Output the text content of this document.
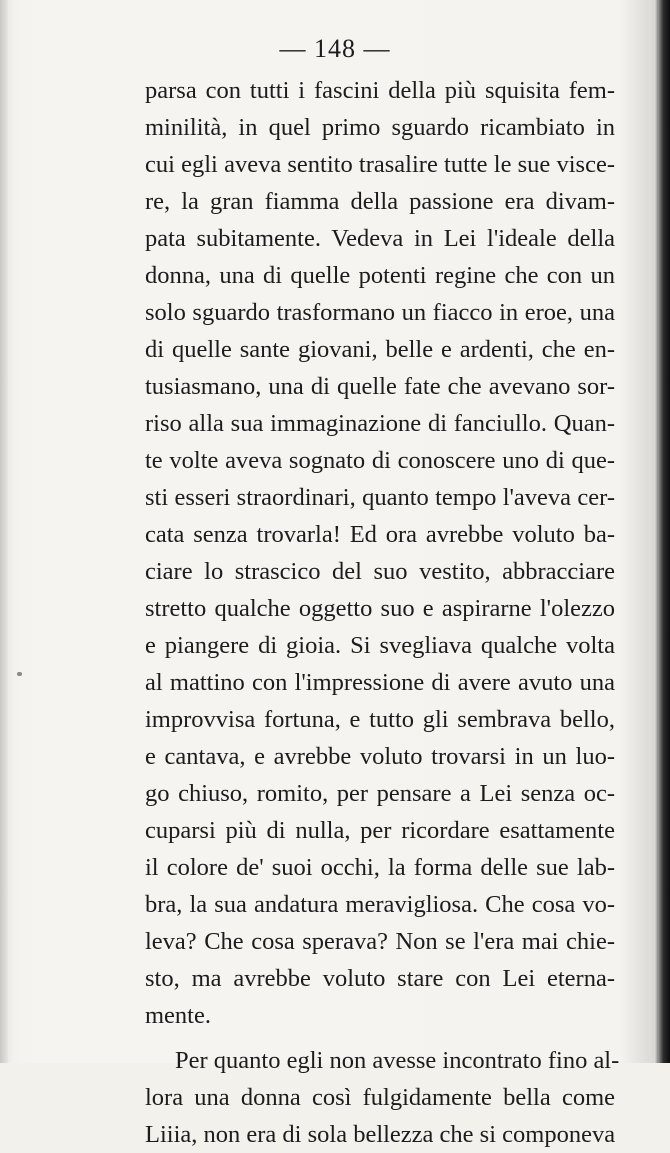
— 148 —
parsa con tutti i fascini della più squisita fem-
minilità, in quel primo sguardo ricambiato in
cui egli aveva sentito trasalire tutte le sue visce-
re, la gran fiamma della passione era divam-
pata subitamente. Vedeva in Lei l'ideale della
donna, una di quelle potenti regine che con un
solo sguardo trasformano un fiacco in eroe, una
di quelle sante giovani, belle e ardenti, che en-
tusiasmano, una di quelle fate che avevano sor-
riso alla sua immaginazione di fanciullo. Quan-
te volte aveva sognato di conoscere uno di que-
sti esseri straordinari, quanto tempo l'aveva cer-
cata senza trovarla! Ed ora avrebbe voluto ba-
ciare lo strascico del suo vestito, abbracciare
stretto qualche oggetto suo e aspirarne l'olezzo
e piangere di gioia. Si svegliava qualche volta
al mattino con l'impressione di avere avuto una
improvvisa fortuna, e tutto gli sembrava bello,
e cantava, e avrebbe voluto trovarsi in un luo-
go chiuso, romito, per pensare a Lei senza oc-
cuparsi più di nulla, per ricordare esattamente
il colore de' suoi occhi, la forma delle sue lab-
bra, la sua andatura meravigliosa. Che cosa vo-
leva? Che cosa sperava? Non se l'era mai chie-
sto, ma avrebbe voluto stare con Lei eterna-
mente.
Per quanto egli non avesse incontrato fino al-
lora una donna così fulgidamente bella come
Liiia, non era di sola bellezza che si componeva
